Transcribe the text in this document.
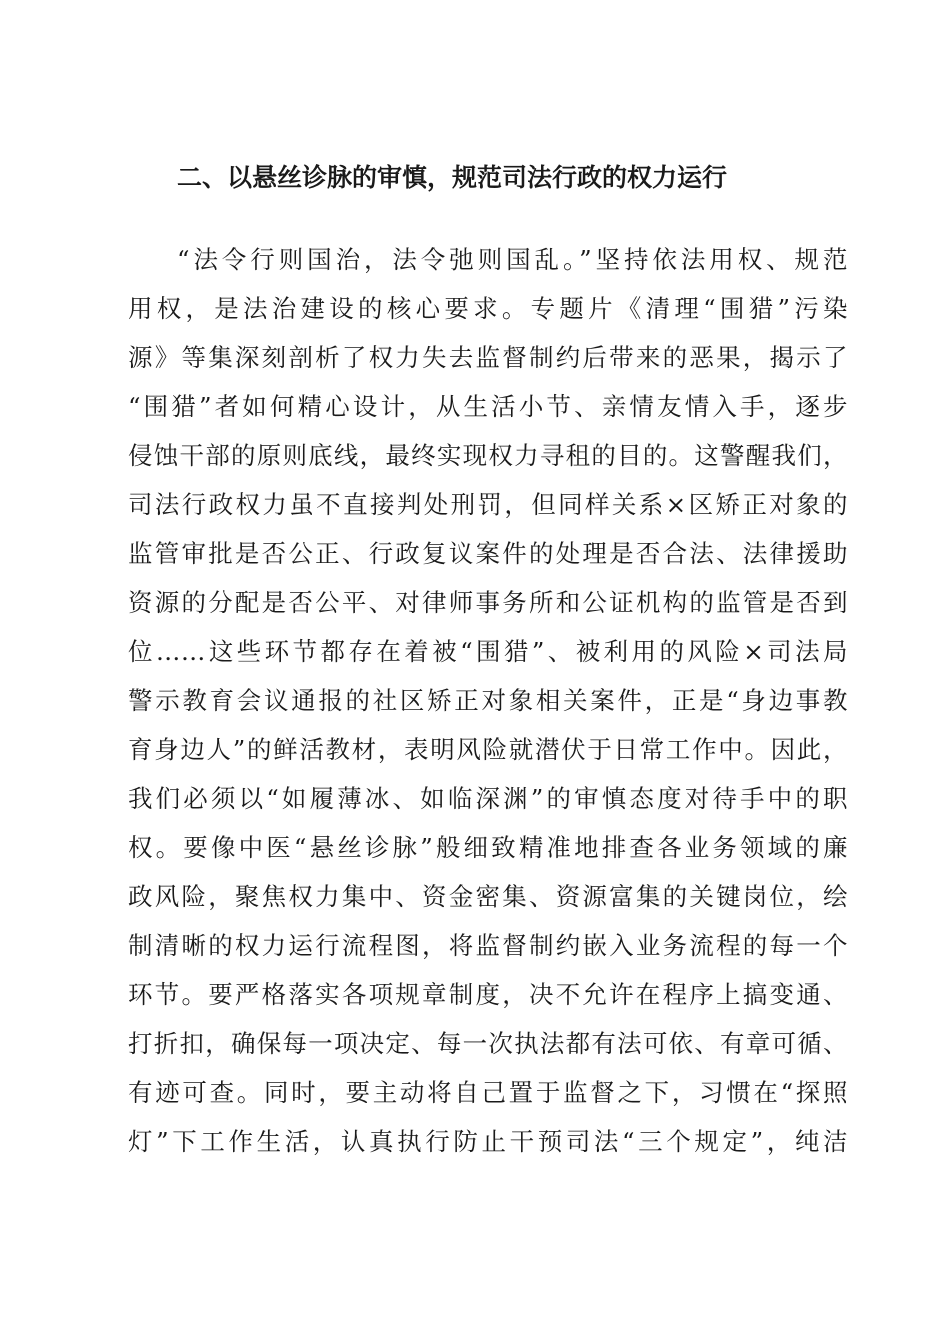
二、以悬丝诊脉的审慎，规范司法行政的权力运行
“法令行则国治，法令弛则国乱。”坚持依法用权、规范
用权，是法治建设的核心要求。专题片《清理“围猎”污染
源》等集深刻剖析了权力失去监督制约后带来的恶果，揭示了
“围猎”者如何精心设计，从生活小节、亲情友情入手，逐步
侵蚀干部的原则底线，最终实现权力寻租的目的。这警醒我们，
司法行政权力虽不直接判处刑罚，但同样关系×区矫正对象的
监管审批是否公正、行政复议案件的处理是否合法、法律援助
资源的分配是否公平、对律师事务所和公证机构的监管是否到
位……这些环节都存在着被“围猎”、被利用的风险×司法局
警示教育会议通报的社区矫正对象相关案件，正是“身边事教
育身边人”的鲜活教材，表明风险就潜伏于日常工作中。因此，
我们必须以“如履薄冰、如临深渊”的审慎态度对待手中的职
权。要像中医“悬丝诊脉”般细致精准地排查各业务领域的廉
政风险，聚焦权力集中、资金密集、资源富集的关键岗位，绘
制清晰的权力运行流程图，将监督制约嵌入业务流程的每一个
环节。要严格落实各项规章制度，决不允许在程序上搞变通、
打折扣，确保每一项决定、每一次执法都有法可依、有章可循、
有迹可查。同时，要主动将自己置于监督之下，习惯在“探照
灯”下工作生活，认真执行防止干预司法“三个规定”，纯洁
